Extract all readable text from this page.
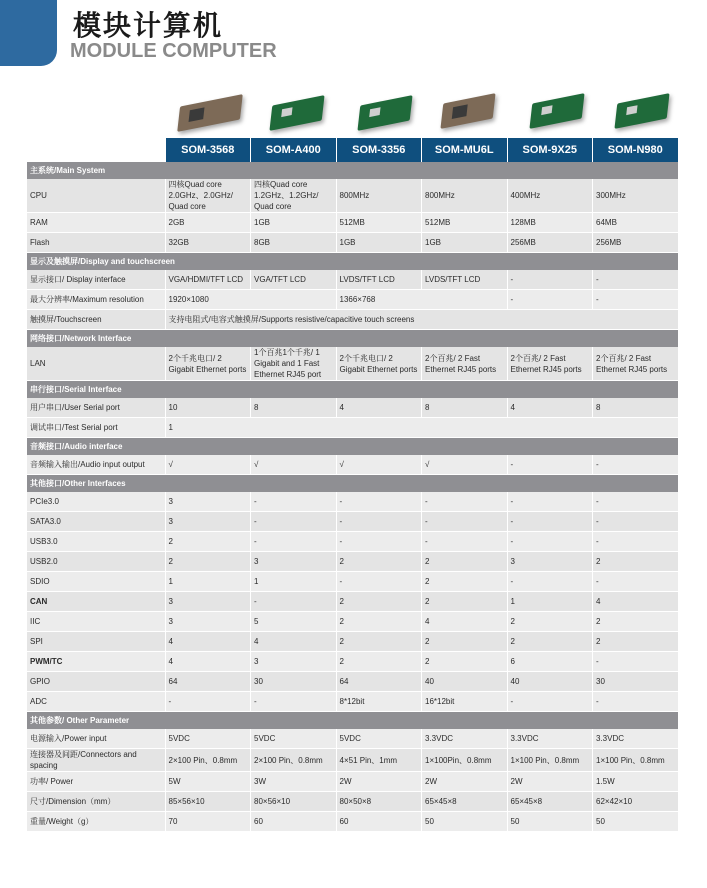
模块计算机
MODULE COMPUTER
	SOM-3568	SOM-A400	SOM-3356	SOM-MU6L	SOM-9X25	SOM-N980
主系统/Main System						
CPU	四核Quad core 2.0GHz、2.0GHz/ Quad core	四核Quad core 1.2GHz、1.2GHz/ Quad core	800MHz	800MHz	400MHz	300MHz
RAM	2GB	1GB	512MB	512MB	128MB	64MB
Flash	32GB	8GB	1GB	1GB	256MB	256MB
显示及触摸屏/Display and touchscreen						
显示接口/ Display interface	VGA/HDMI/TFT LCD	VGA/TFT LCD	LVDS/TFT LCD	LVDS/TFT LCD	-	-
最大分辨率/Maximum resolution	1920×1080		1366×768		-	-
触摸屏/Touchscreen	支持电阻式/电容式触摸屏/Supports resistive/capacitive touch screens					
网络接口/Network Interface						
LAN	2个千兆电口/ 2 Gigabit Ethernet ports	1个百兆1个千兆/ 1 Gigabit and 1 Fast Ethernet RJ45 port	2个千兆电口/ 2 Gigabit Ethernet ports	2个百兆/ 2 Fast Ethernet RJ45 ports	2个百兆/ 2 Fast Ethernet RJ45 ports	2个百兆/ 2 Fast Ethernet RJ45 ports
串行接口/Serial Interface						
用户串口/User Serial port	10	8	4	8	4	8
调试串口/Test Serial port	1					
音频接口/Audio interface						
音频输入输出/Audio input output	√	√	√	√	-	-
其他接口/Other Interfaces						
PCIe3.0	3	-	-	-	-	-
SATA3.0	3	-	-	-	-	-
USB3.0	2	-	-	-	-	-
USB2.0	2	3	2	2	3	2
SDIO	1	1	-	2	-	-
CAN	3	-	2	2	1	4
IIC	3	5	2	4	2	2
SPI	4	4	2	2	2	2
PWM/TC	4	3	2	2	6	-
GPIO	64	30	64	40	40	30
ADC	-	-	8*12bit	16*12bit	-	-
其他参数/ Other Parameter						
电源输入/Power input	5VDC	5VDC	5VDC	3.3VDC	3.3VDC	3.3VDC
连接器及间距/Connectors and spacing	2×100 Pin、0.8mm	2×100 Pin、0.8mm	4×51 Pin、1mm	1×100Pin、0.8mm	1×100 Pin、0.8mm	1×100 Pin、0.8mm
功率/ Power	5W	3W	2W	2W	2W	1.5W
尺寸/Dimension（mm）	85×56×10	80×56×10	80×50×8	65×45×8	65×45×8	62×42×10
重量/Weight（g）	70	60	60	50	50	50
